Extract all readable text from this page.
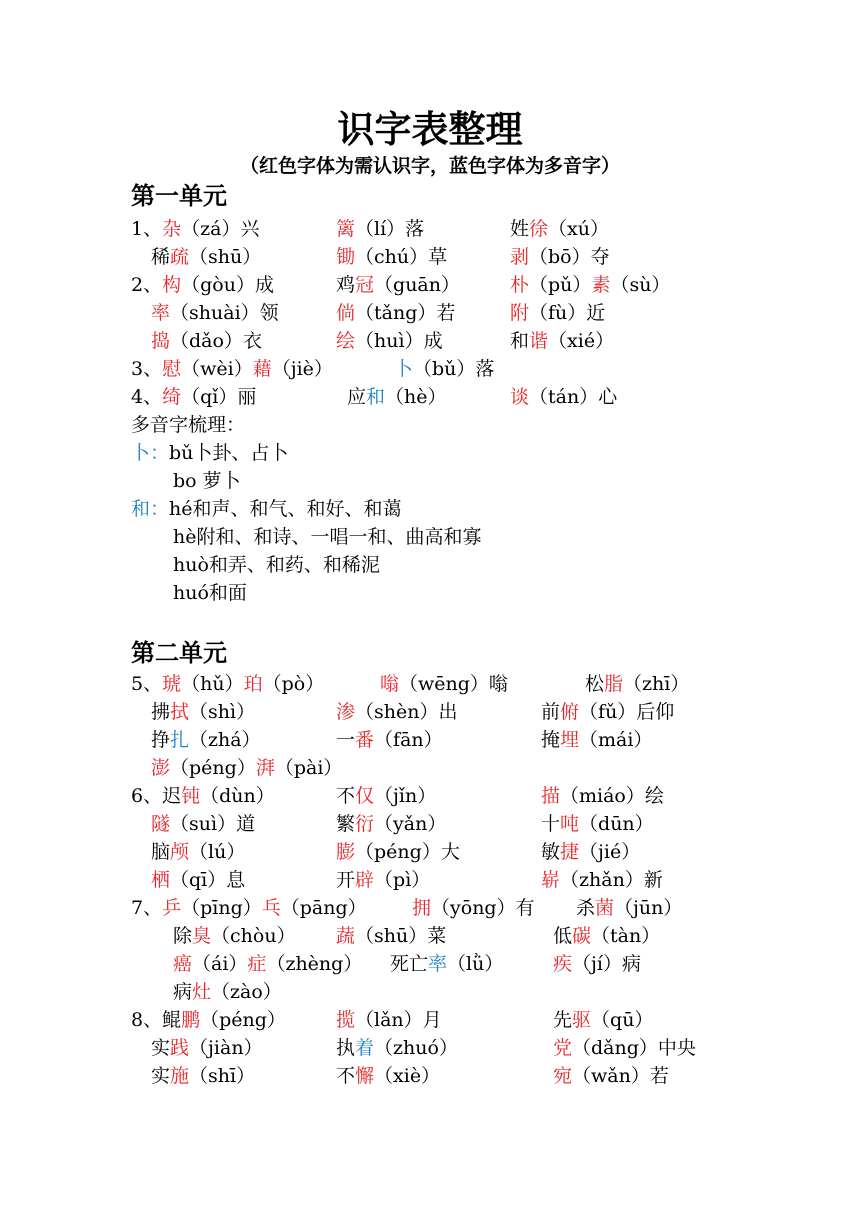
识字表整理
（红色字体为需认识字，蓝色字体为多音字）
第一单元
1、杂（zá）兴	篱（lí）落	姓徐（xú）
稀疏（shū）	锄（chú）草	剥（bō）夺
2、构（gòu）成	鸡冠（guān）	朴（pǔ）素（sù）
率（shuài）领	倘（tǎng）若	附（fù）近
捣（dǎo）衣	绘（huì）成	和谐（xié）
3、慰（wèi）藉（jiè）	卜（bǔ）落
4、绮（qǐ）丽	应和（hè）	谈（tán）心
多音字梳理：
卜：bǔ卜卦、占卜
bo 萝卜
和：hé和声、和气、和好、和蔼
hè附和、和诗、一唱一和、曲高和寡
huò和弄、和药、和稀泥
huó和面
第二单元
5、琥（hǔ）珀（pò）	嗡（wēng）嗡	松脂（zhī）
拂拭（shì）	渗（shèn）出	前俯（fǔ）后仰
挣扎（zhá）	一番（fān）	掩埋（mái）
澎（péng）湃（pài）
6、迟钝（dùn）	不仅（jǐn）	描（miáo）绘
隧（suì）道	繁衍（yǎn）	十吨（dūn）
脑颅（lú）	膨（péng）大	敏捷（jié）
栖（qī）息	开辟（pì）	崭（zhǎn）新
7、乒（pīng）乓（pāng） 拥（yōng）有 杀菌（jūn）
除臭（chòu） 蔬（shū）菜	低碳（tàn）
癌（ái）症（zhèng） 死亡率（lǜ）	疾（jí）病
病灶（zào）
8、鲲鹏（péng）	揽（lǎn）月	先驱（qū）
实践（jiàn）	执着（zhuó）	党（dǎng）中央
实施（shī）	不懈（xiè）	宛（wǎn）若
